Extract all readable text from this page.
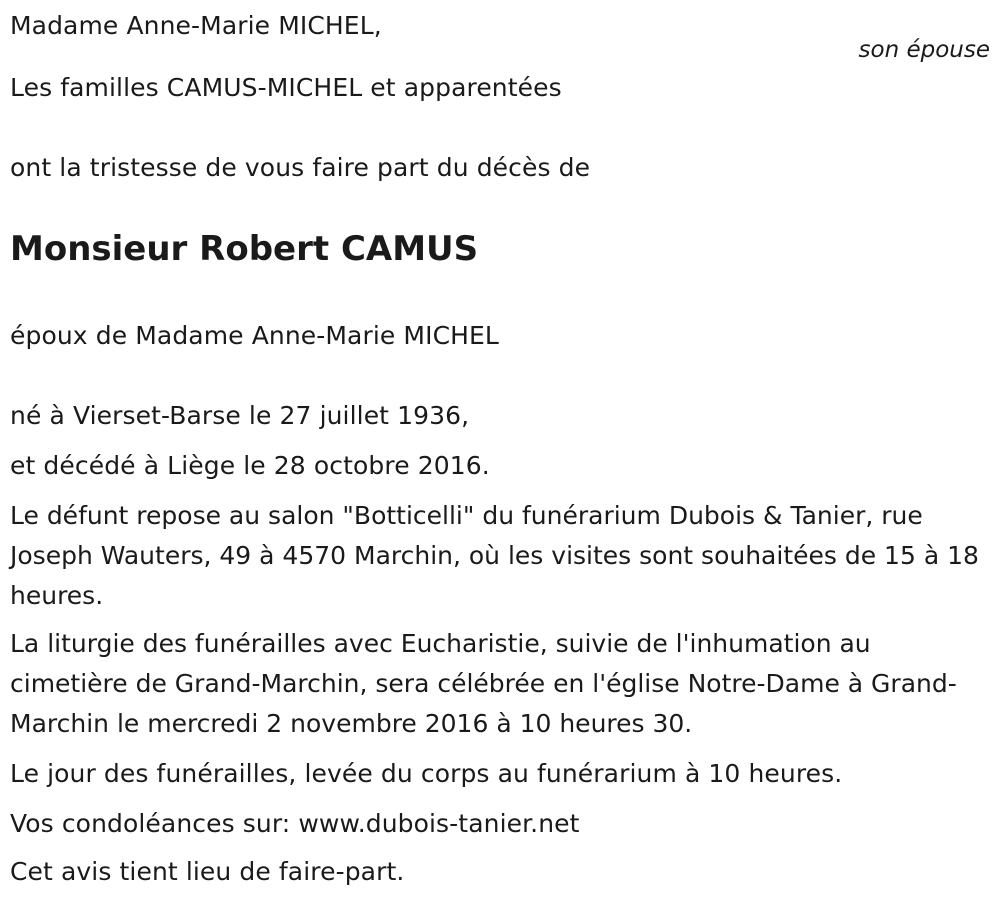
Madame Anne-Marie MICHEL,
son épouse
Les familles CAMUS-MICHEL et apparentées
ont la tristesse de vous faire part du décès de
Monsieur Robert CAMUS
époux de Madame Anne-Marie MICHEL
né à Vierset-Barse le 27 juillet 1936,
et décédé à Liège le 28 octobre 2016.
Le défunt repose au salon "Botticelli" du funérarium Dubois & Tanier, rue Joseph Wauters, 49 à 4570 Marchin, où les visites sont souhaitées de 15 à 18 heures.
La liturgie des funérailles avec Eucharistie, suivie de l'inhumation au cimetière de Grand-Marchin, sera célébrée en l'église Notre-Dame à Grand-Marchin le mercredi 2 novembre 2016 à 10 heures 30.
Le jour des funérailles, levée du corps au funérarium à 10 heures.
Vos condoléances sur: www.dubois-tanier.net
Cet avis tient lieu de faire-part.
